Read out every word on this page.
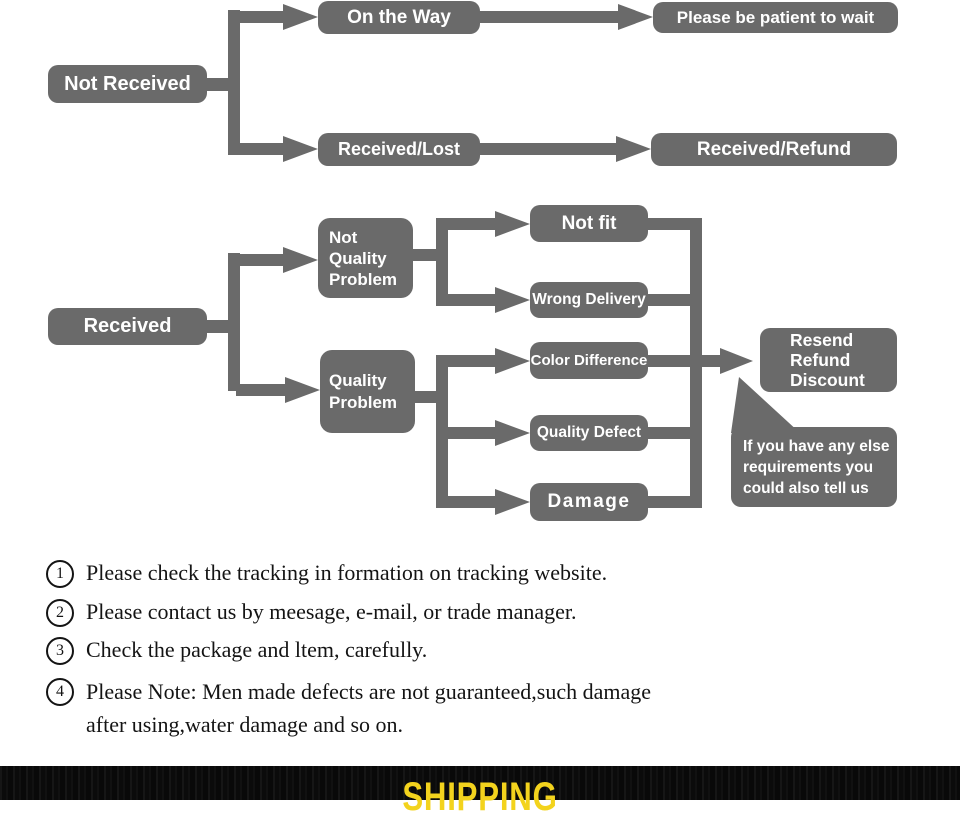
Not Received
On the Way	Please be patient to wait
Received/Lost	Received/Refund
Received
Not
Quality
Problem
Quality
Problem
Not fit
Wrong Delivery
Color Difference
Quality Defect
Damage
Resend
Refund
Discount
If you have any else
requirements you
could also tell us
1	Please check the tracking in formation on tracking website.
2	Please contact us by meesage, e-mail, or trade manager.
3	Check the package and ltem, carefully.
4	Please Note: Men made defects are not guaranteed,such damage
after using,water damage and so on.
SHIPPING
